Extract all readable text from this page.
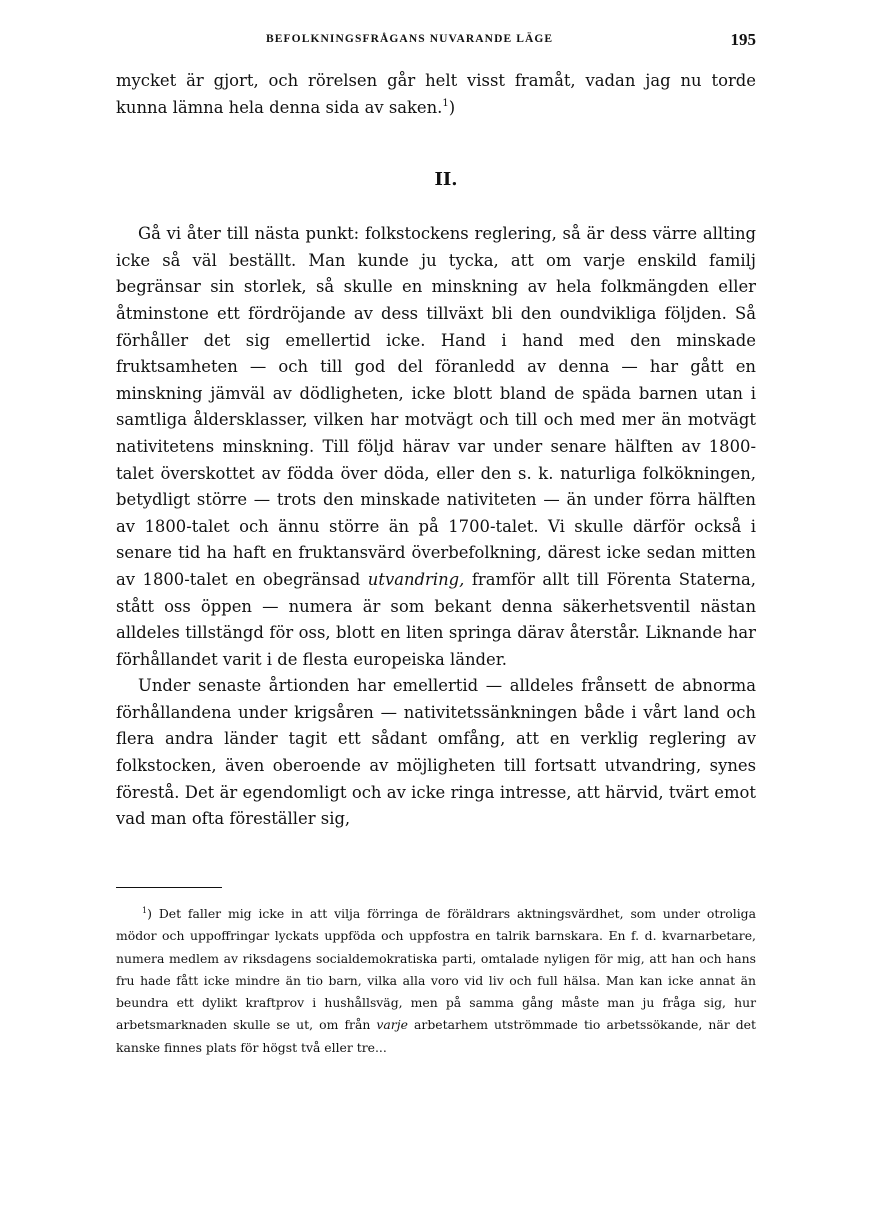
BEFOLKNINGSFRÅGANS NUVARANDE LÄGE	195

mycket är gjort, och rörelsen går helt visst framåt, vadan jag nu torde kunna lämna hela denna sida av saken.$^1$)

II.

Gå vi åter till nästa punkt: folkstockens reglering, så är dess värre allting icke så väl beställt. Man kunde ju tycka, att om varje enskild familj begränsar sin storlek, så skulle en minskning av hela folkmängden eller åtminstone ett fördröjande av dess tillväxt bli den oundvikliga följden. Så förhåller det sig emellertid icke. Hand i hand med den minskade fruktsamheten — och till god del föranledd av denna — har gått en minskning jämväl av dödligheten, icke blott bland de späda barnen utan i samtliga åldersklasser, vilken har motvägt och till och med mer än motvägt nativitetens minskning. Till följd härav var under senare hälften av 1800-talet överskottet av födda över döda, eller den s. k. naturliga folkökningen, betydligt större — trots den minskade nativiteten — än under förra hälften av 1800-talet och ännu större än på 1700-talet. Vi skulle därför också i senare tid ha haft en fruktansvärd överbefolkning, därest icke sedan mitten av 1800-talet en obegränsad utvandring, framför allt till Förenta Staterna, stått oss öppen — numera är som bekant denna säkerhetsventil nästan alldeles tillstängd för oss, blott en liten springa därav återstår. Liknande har förhållandet varit i de flesta europeiska länder.

Under senaste årtionden har emellertid — alldeles frånsett de abnorma förhållandena under krigsåren — nativitetssänkningen både i vårt land och flera andra länder tagit ett sådant omfång, att en verklig reglering av folkstocken, även oberoende av möjligheten till fortsatt utvandring, synes förestå. Det är egendomligt och av icke ringa intresse, att härvid, tvärt emot vad man ofta föreställer sig,

$^1$) Det faller mig icke in att vilja förringa de föräldrars aktningsvärdhet, som under otroliga mödor och uppoffringar lyckats uppföda och uppfostra en talrik barnskara. En f. d. kvarnarbetare, numera medlem av riksdagens socialdemokratiska parti, omtalade nyligen för mig, att han och hans fru hade fått icke mindre än tio barn, vilka alla voro vid liv och full hälsa. Man kan icke annat än beundra ett dylikt kraftprov i hushållsväg, men på samma gång måste man ju fråga sig, hur arbetsmarknaden skulle se ut, om från varje arbetarhem utströmmade tio arbetssökande, när det kanske finnes plats för högst två eller tre...
